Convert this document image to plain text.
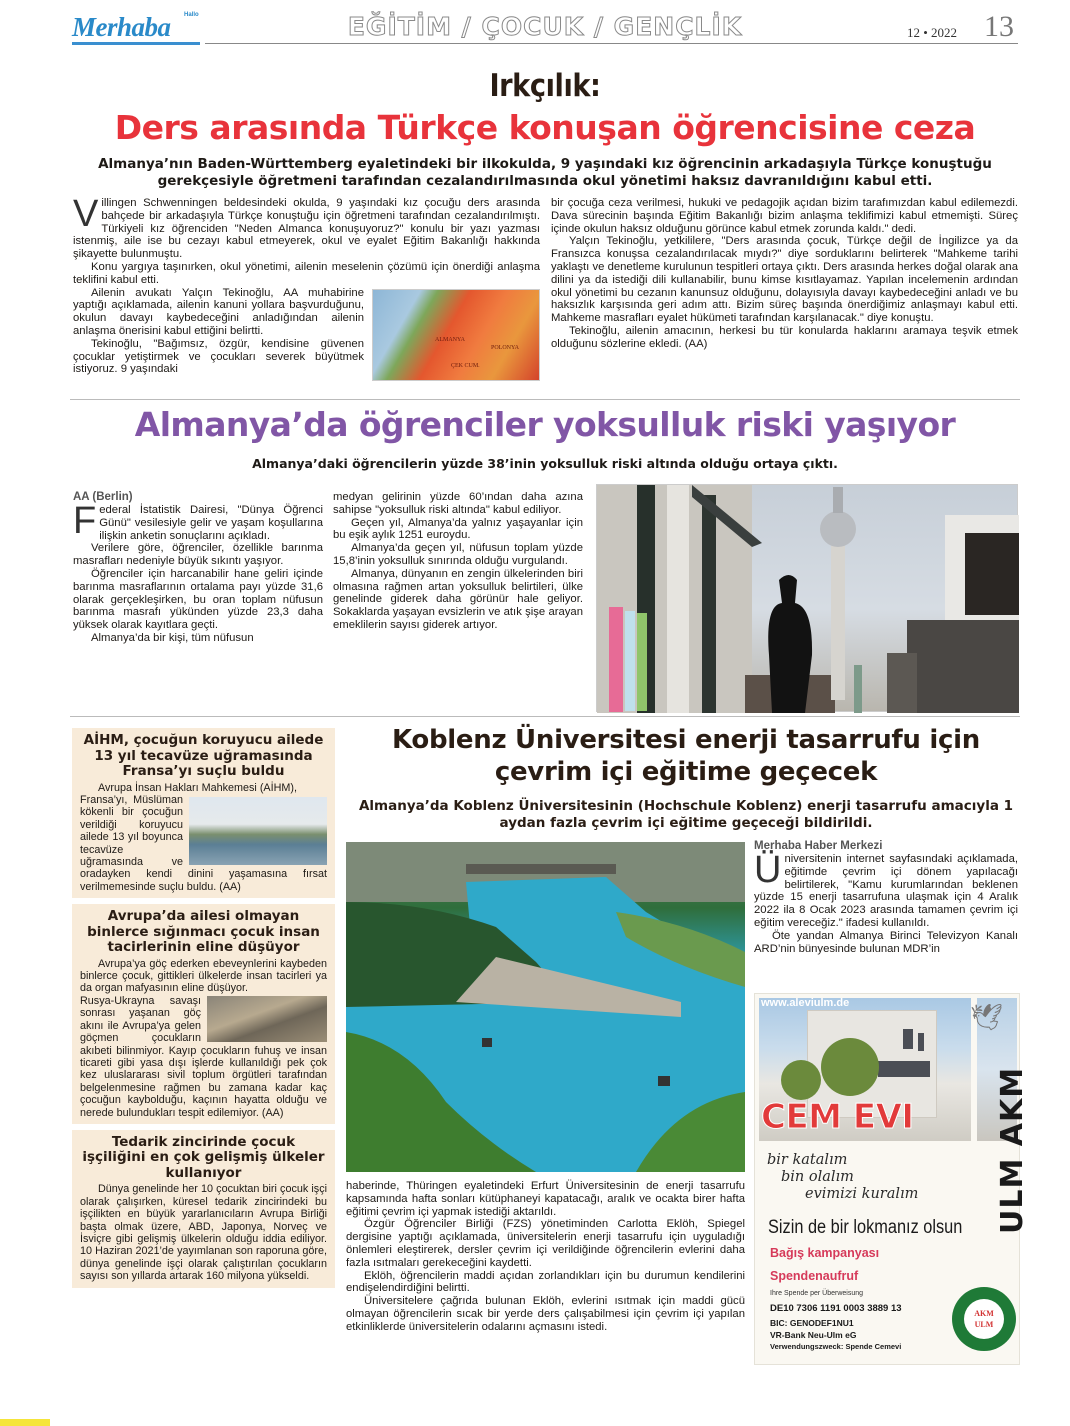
Merhaba	Hallo	EĞİTİM / ÇOCUK / GENÇLİK	12 • 2022 13
Irkçılık:
Ders arasında Türkçe konuşan öğrencisine ceza
Almanya’nın Baden-Württemberg eyaletindeki bir ilkokulda, 9 yaşındaki kız öğrencinin arkadaşıyla Türkçe konuştuğu gerekçesiyle öğretmeni tarafından cezalandırılmasında okul yönetimi haksız davranıldığını kabul etti.

Villingen Schwenningen beldesindeki okulda, 9 yaşındaki kız çocuğu ders arasında bahçede bir arkadaşıyla Türkçe konuştuğu için öğretmeni tarafından cezalandırılmıştı. Türkiyeli kız öğrenciden "Neden Almanca konuşuyoruz?" konulu bir yazı yazması istenmiş, aile ise bu cezayı kabul etmeyerek, okul ve eyalet Eğitim Bakanlığı hakkında şikayette bulunmuştu.

Konu yargıya taşınırken, okul yönetimi, ailenin meselenin çözümü için önerdiği anlaşma teklifini kabul etti.

ALMANYA
POLONYA
ÇEK CUM.

Ailenin avukatı Yalçın Tekinoğlu, AA muhabirine yaptığı açıklamada, ailenin kanuni yollara başvurduğunu, okulun davayı kaybedeceğini anladığından ailenin anlaşma önerisini kabul ettiğini belirtti.

Tekinoğlu, "Bağımsız, özgür, kendisine güvenen çocuklar yetiştirmek ve çocukları severek büyütmek istiyoruz. 9 yaşındaki

bir çocuğa ceza verilmesi, hukuki ve pedagojik açıdan bizim tarafımızdan kabul edilemezdi. Dava sürecinin başında Eğitim Bakanlığı bizim anlaşma teklifimizi kabul etmemişti. Süreç içinde okulun haksız olduğunu görünce kabul etmek zorunda kaldı." dedi.

Yalçın Tekinoğlu, yetkililere, "Ders arasında çocuk, Türkçe değil de İngilizce ya da Fransızca konuşsa cezalandırılacak mıydı?" diye sorduklarını belirterek "Mahkeme tarihi yaklaştı ve denetleme kurulunun tespitleri ortaya çıktı. Ders arasında herkes doğal olarak ana dilini ya da istediği dili kullanabilir, bunu kimse kısıtlayamaz. Yapılan incelemenin ardından okul yönetimi bu cezanın kanunsuz olduğunu, dolayısıyla davayı kaybedeceğini anladı ve bu haksızlık karşısında geri adım attı. Bizim süreç başında önerdiğimiz anlaşmayı kabul etti. Mahkeme masrafları eyalet hükümeti tarafından karşılanacak." diye konuştu.

Tekinoğlu, ailenin amacının, herkesi bu tür konularda haklarını aramaya teşvik etmek olduğunu sözlerine ekledi. (AA)

Almanya’da öğrenciler yoksulluk riski yaşıyor
Almanya’daki öğrencilerin yüzde 38’inin yoksulluk riski altında olduğu ortaya çıktı.
AA (Berlin)

Federal İstatistik Dairesi, "Dünya Öğrenci Günü" vesilesiyle gelir ve yaşam koşullarına ilişkin anketin sonuçlarını açıkladı.

Verilere göre, öğrenciler, özellikle barınma masrafları nedeniyle büyük sıkıntı yaşıyor.

Öğrenciler için harcanabilir hane geliri içinde barınma masraflarının ortalama payı yüzde 31,6 olarak gerçekleşirken, bu oran toplam nüfusun barınma masrafı yükünden yüzde 23,3 daha yüksek olarak kayıtlara geçti.

Almanya’da bir kişi, tüm nüfusun

medyan gelirinin yüzde 60’ından daha azına sahipse "yoksulluk riski altında" kabul ediliyor.

Geçen yıl, Almanya’da yalnız yaşayanlar için bu eşik aylık 1251 euroydu.

Almanya’da geçen yıl, nüfusun toplam yüzde 15,8’inin yoksulluk sınırında olduğu vurgulandı.

Almanya, dünyanın en zengin ülkelerinden biri olmasına rağmen artan yoksulluk belirtileri, ülke genelinde giderek daha görünür hale geliyor. Sokaklarda yaşayan evsizlerin ve atık şişe arayan emeklilerin sayısı giderek artıyor.

AİHM, çocuğun koruyucu ailede 13 yıl tecavüze uğramasında Fransa’yı suçlu buldu

Avrupa İnsan Hakları Mahkemesi (AİHM),

Fransa’yı, Müslüman kökenli bir çocuğun verildiği koruyucu ailede 13 yıl boyunca tecavüze uğramasında ve oradayken kendi dinini yaşamasına fırsat verilmemesinde suçlu buldu. (AA)

Avrupa’da ailesi olmayan binlerce sığınmacı çocuk insan tacirlerinin eline düşüyor

Avrupa’ya göç ederken ebeveynlerini kaybeden binlerce çocuk, gittikleri ülkelerde insan tacirleri ya da organ mafyasının eline düşüyor.

Rusya-Ukrayna savaşı sonrası yaşanan göç akını ile Avrupa’ya gelen göçmen çocukların akıbeti bilinmiyor. Kayıp çocukların fuhuş ve insan ticareti gibi yasa dışı işlerde kullanıldığı pek çok kez uluslararası sivil toplum örgütleri tarafından belgelenmesine rağmen bu zamana kadar kaç çocuğun kaybolduğu, kaçının hayatta olduğu ve nerede bulundukları tespit edilemiyor. (AA)

Tedarik zincirinde çocuk işçiliğini en çok gelişmiş ülkeler kullanıyor

Dünya genelinde her 10 çocuktan biri çocuk işçi olarak çalışırken, küresel tedarik zincirindeki bu işçilikten en büyük yararlanıcıların Avrupa Birliği başta olmak üzere, ABD, Japonya, Norveç ve İsviçre gibi gelişmiş ülkelerin olduğu iddia ediliyor. 10 Haziran 2021’de yayımlanan son raporuna göre, dünya genelinde işçi olarak çalıştırılan çocukların sayısı son yıllarda artarak 160 milyona yükseldi.

Koblenz Üniversitesi enerji tasarrufu için çevrim içi eğitime geçecek
Almanya’da Koblenz Üniversitesinin (Hochschule Koblenz) enerji tasarrufu amacıyla 1 aydan fazla çevrim içi eğitime geçeceği bildirildi.
Merhaba Haber Merkezi

Üniversitenin internet sayfasındaki açıklamada, eğitimde çevrim içi dönem yapılacağı belirtilerek, "Kamu kurumlarından beklenen yüzde 15 enerji tasarrufuna ulaşmak için 4 Aralık 2022 ila 8 Ocak 2023 arasında tamamen çevrim içi eğitim vereceğiz." ifadesi kullanıldı.

Öte yandan Almanya Birinci Televizyon Kanalı ARD’nin bünyesinde bulunan MDR’in

haberinde, Thüringen eyaletindeki Erfurt Üniversitesinin de enerji tasarrufu kapsamında hafta sonları kütüphaneyi kapatacağı, aralık ve ocakta birer hafta eğitimi çevrim içi yapmak istediği aktarıldı.

Özgür Öğrenciler Birliği (FZS) yönetiminden Carlotta Eklöh, Spiegel dergisine yaptığı açıklamada, üniversitelerin enerji tasarrufu için uyguladığı önlemleri eleştirerek, dersler çevrim içi verildiğinde öğrencilerin evlerini daha fazla ısıtmaları gerekeceğini kaydetti.

Eklöh, öğrencilerin maddi açıdan zorlandıkları için bu durumun kendilerini endişelendirdiğini belirtti.

Üniversitelere çağrıda bulunan Eklöh, evlerini ısıtmak için maddi gücü olmayan öğrencilerin sıcak bir yerde ders çalışabilmesi için çevrim içi yapılan etkinliklerde üniversitelerin odalarını açmasını istedi.

www.aleviulm.de	🕊
CEM EVI	ULM AKM
bir katalım
bin olalım
evimizi kuralım
Sizin de bir lokmanız olsun
Bağış kampanyası
Spendenaufruf
Ihre Spende per Überweisung
DE10 7306 1191 0003 3889 13
BIC: GENODEF1NU1
VR-Bank Neu-Ulm eG
Verwendungszweck: Spende Cemevi
AKM
ULM
